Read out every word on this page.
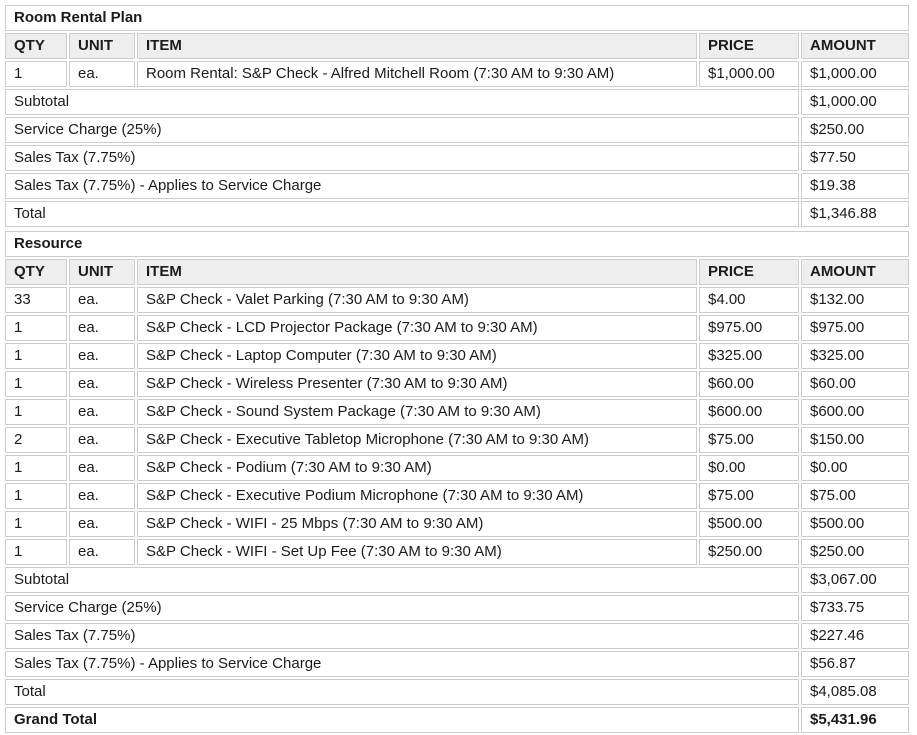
Room Rental Plan				
QTY	UNIT	ITEM	PRICE	AMOUNT
1	ea.	Room Rental: S&P Check - Alfred Mitchell Room (7:30 AM to 9:30 AM)	$1,000.00	$1,000.00
Subtotal				$1,000.00
Service Charge (25%)				$250.00
Sales Tax (7.75%)				$77.50
Sales Tax (7.75%) - Applies to Service Charge				$19.38
Total				$1,346.88
Resource				
QTY	UNIT	ITEM	PRICE	AMOUNT
33	ea.	S&P Check - Valet Parking (7:30 AM to 9:30 AM)	$4.00	$132.00
1	ea.	S&P Check - LCD Projector Package (7:30 AM to 9:30 AM)	$975.00	$975.00
1	ea.	S&P Check - Laptop Computer (7:30 AM to 9:30 AM)	$325.00	$325.00
1	ea.	S&P Check - Wireless Presenter (7:30 AM to 9:30 AM)	$60.00	$60.00
1	ea.	S&P Check - Sound System Package (7:30 AM to 9:30 AM)	$600.00	$600.00
2	ea.	S&P Check - Executive Tabletop Microphone (7:30 AM to 9:30 AM)	$75.00	$150.00
1	ea.	S&P Check - Podium (7:30 AM to 9:30 AM)	$0.00	$0.00
1	ea.	S&P Check - Executive Podium Microphone (7:30 AM to 9:30 AM)	$75.00	$75.00
1	ea.	S&P Check - WIFI - 25 Mbps (7:30 AM to 9:30 AM)	$500.00	$500.00
1	ea.	S&P Check - WIFI - Set Up Fee (7:30 AM to 9:30 AM)	$250.00	$250.00
Subtotal				$3,067.00
Service Charge (25%)				$733.75
Sales Tax (7.75%)				$227.46
Sales Tax (7.75%) - Applies to Service Charge				$56.87
Total				$4,085.08
Grand Total				$5,431.96
